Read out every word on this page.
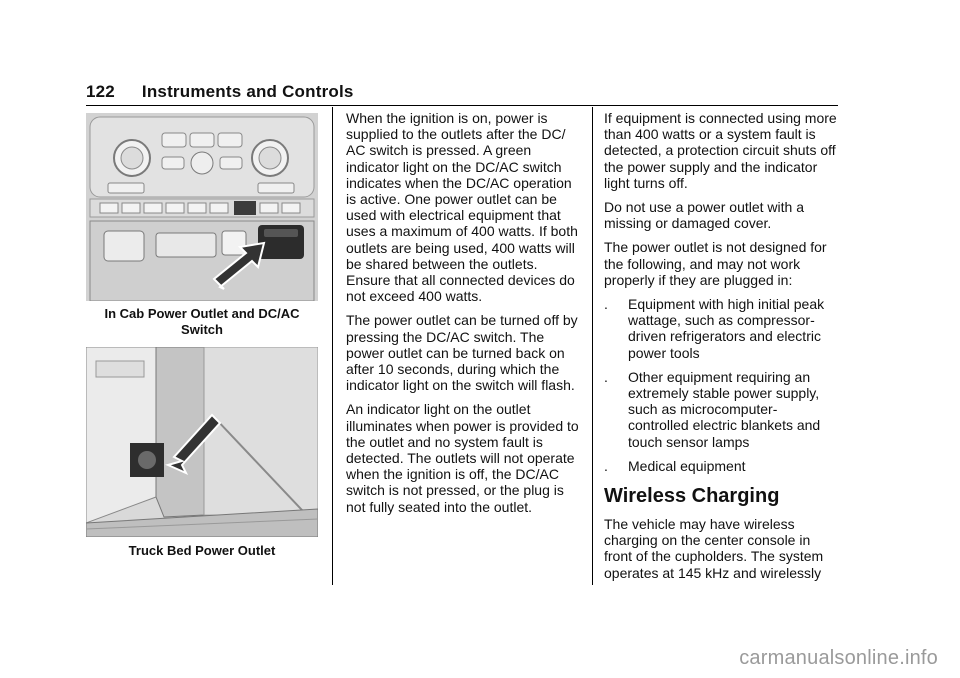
122 Instruments and Controls
In Cab Power Outlet and DC/AC Switch
Truck Bed Power Outlet

When the ignition is on, power is supplied to the outlets after the DC/ AC switch is pressed. A green indicator light on the DC/AC switch indicates when the DC/AC operation is active. One power outlet can be used with electrical equipment that uses a maximum of 400 watts. If both outlets are being used, 400 watts will be shared between the outlets. Ensure that all connected devices do not exceed 400 watts.

The power outlet can be turned off by pressing the DC/AC switch. The power outlet can be turned back on after 10 seconds, during which the indicator light on the switch will flash.

An indicator light on the outlet illuminates when power is provided to the outlet and no system fault is detected. The outlets will not operate when the ignition is off, the DC/AC switch is not pressed, or the plug is not fully seated into the outlet.

If equipment is connected using more than 400 watts or a system fault is detected, a protection circuit shuts off the power supply and the indicator light turns off.

Do not use a power outlet with a missing or damaged cover.

The power outlet is not designed for the following, and may not work properly if they are plugged in:

. Equipment with high initial peak wattage, such as compressor-driven refrigerators and electric power tools
. Other equipment requiring an extremely stable power supply, such as microcomputer-controlled electric blankets and touch sensor lamps
. Medical equipment
Wireless Charging

The vehicle may have wireless charging on the center console in front of the cupholders. The system operates at 145 kHz and wirelessly

carmanualsonline.info
